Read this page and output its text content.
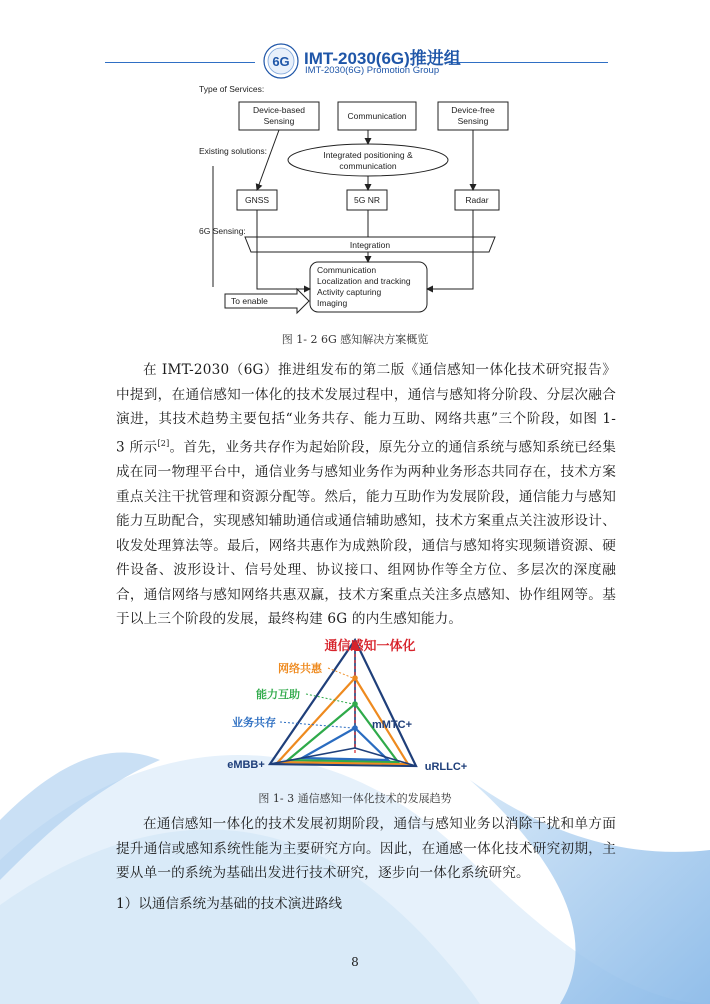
6G IMT-2030(6G)推进组
IMT-2030(6G) Promotion Group
Type of Services:
Existing solutions:
6G Sensing:
Device-based
Sensing	Communication
Device-free
Sensing
Integrated positioning &
communication
GNSS	5G NR	Radar
Integration
Communication
Localization and tracking
Activity capturing
Imaging
To enable
图 1- 2 6G 感知解决方案概览
在 IMT-2030（6G）推进组发布的第二版《通信感知一体化技术研究报告》中提到，在通信感知一体化的技术发展过程中，通信与感知将分阶段、分层次融合演进，其技术趋势主要包括“业务共存、能力互助、网络共惠”三个阶段，如图 1- 3 所示[2]。首先，业务共存作为起始阶段，原先分立的通信系统与感知系统已经集成在同一物理平台中，通信业务与感知业务作为两种业务形态共同存在，技术方案重点关注干扰管理和资源分配等。然后，能力互助作为发展阶段，通信能力与感知能力互助配合，实现感知辅助通信或通信辅助感知，技术方案重点关注波形设计、收发处理算法等。最后，网络共惠作为成熟阶段，通信与感知将实现频谱资源、硬件设备、波形设计、信号处理、协议接口、组网协作等全方位、多层次的深度融合，通信网络与感知网络共惠双赢，技术方案重点关注多点感知、协作组网等。基于以上三个阶段的发展，最终构建 6G 的内生感知能力。
通信感知一体化
网络共惠
能力互助
业务共存
eMBB+	uRLLC+
mMTC+
图 1- 3 通信感知一体化技术的发展趋势
在通信感知一体化的技术发展初期阶段，通信与感知业务以消除干扰和单方面提升通信或感知系统性能为主要研究方向。因此，在通感一体化技术研究初期，主要从单一的系统为基础出发进行技术研究，逐步向一体化系统研究。
1）以通信系统为基础的技术演进路线
8
